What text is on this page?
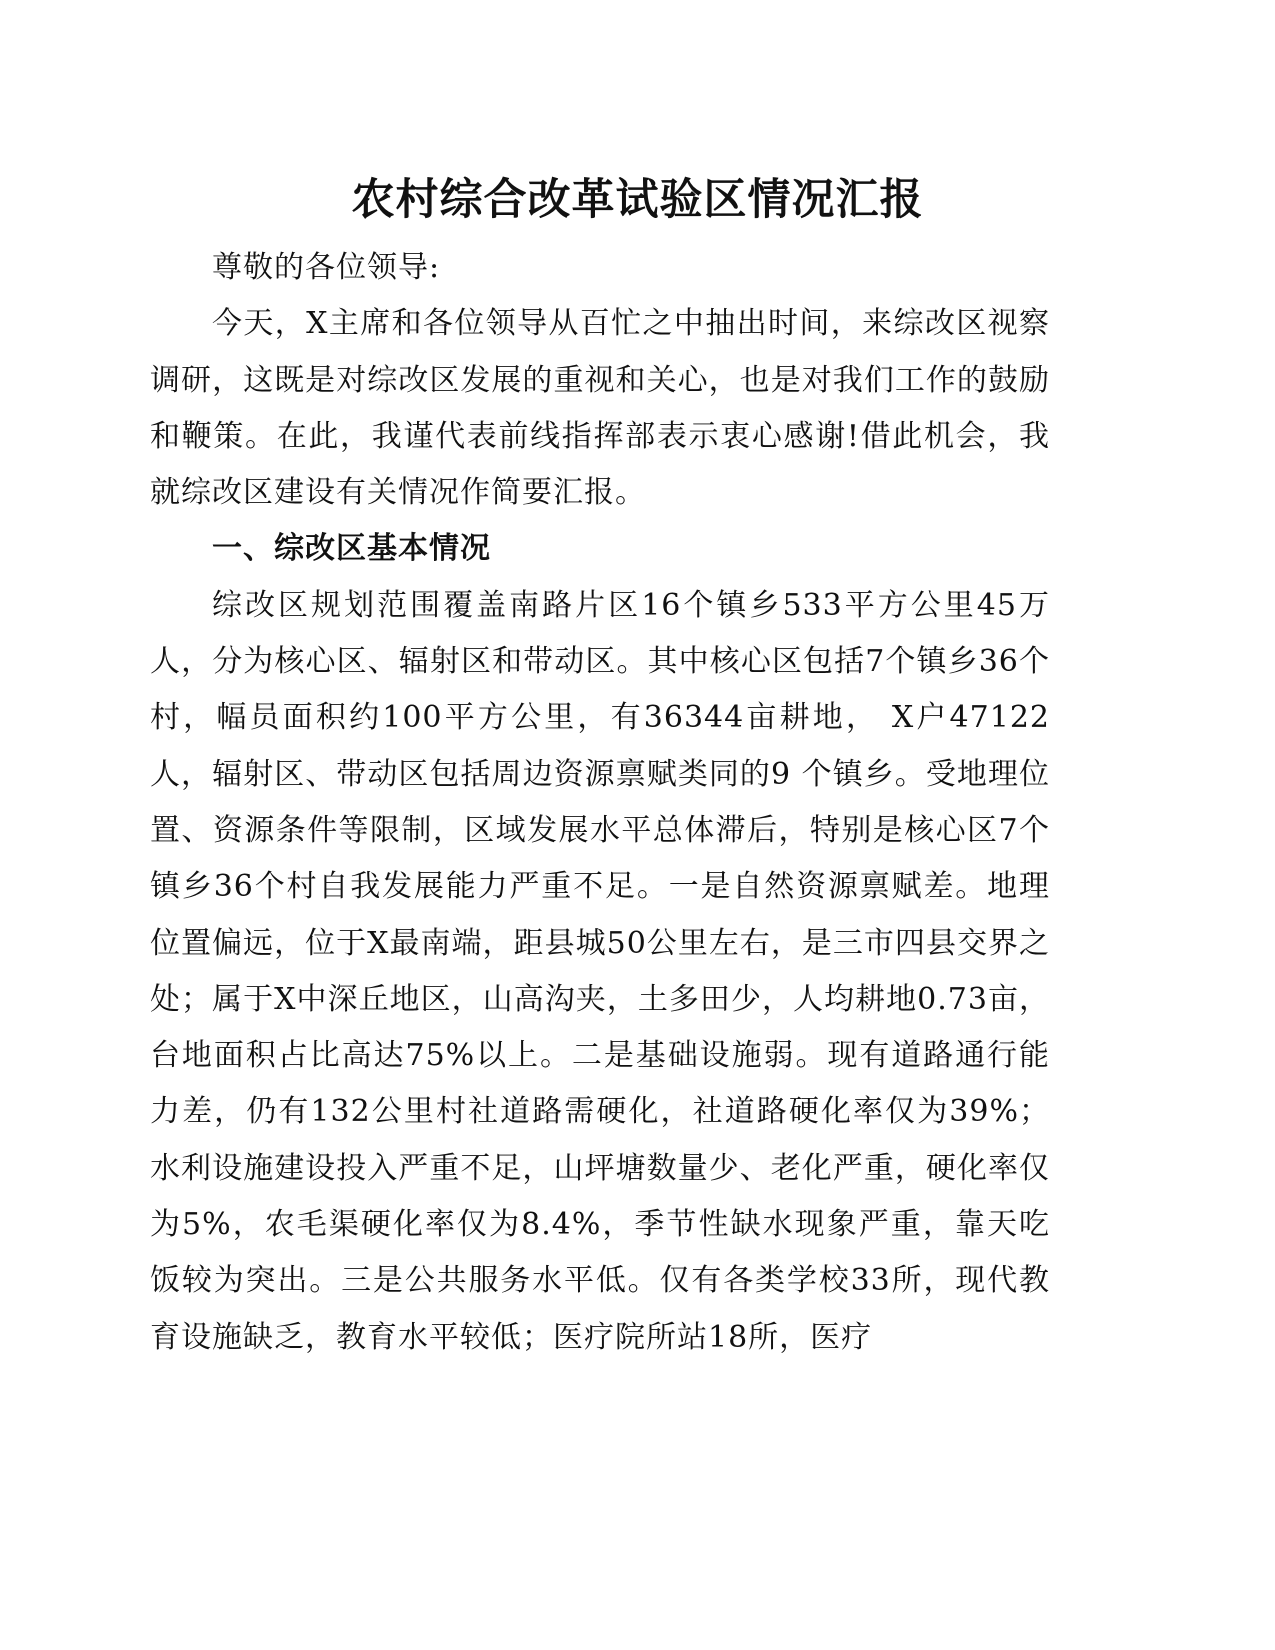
农村综合改革试验区情况汇报

尊敬的各位领导:

今天，X主席和各位领导从百忙之中抽出时间，来综改区视察调研，这既是对综改区发展的重视和关心，也是对我们工作的鼓励和鞭策。在此，我谨代表前线指挥部表示衷心感谢!借此机会，我就综改区建设有关情况作简要汇报。

一、综改区基本情况

综改区规划范围覆盖南路片区16个镇乡533平方公里45万人，分为核心区、辐射区和带动区。其中核心区包括7个镇乡36个村，幅员面积约100平方公里，有36344亩耕地， X户47122人，辐射区、带动区包括周边资源禀赋类同的9 个镇乡。受地理位置、资源条件等限制，区域发展水平总体滞后，特别是核心区7个镇乡36个村自我发展能力严重不足。一是自然资源禀赋差。地理位置偏远，位于X最南端，距县城50公里左右，是三市四县交界之处；属于X中深丘地区，山高沟夹，土多田少，人均耕地0.73亩，台地面积占比高达75%以上。二是基础设施弱。现有道路通行能力差，仍有132公里村社道路需硬化，社道路硬化率仅为39%；水利设施建设投入严重不足，山坪塘数量少、老化严重，硬化率仅为5%，农毛渠硬化率仅为8.4%，季节性缺水现象严重，靠天吃饭较为突出。三是公共服务水平低。仅有各类学校33所，现代教育设施缺乏，教育水平较低；医疗院所站18所，医疗
